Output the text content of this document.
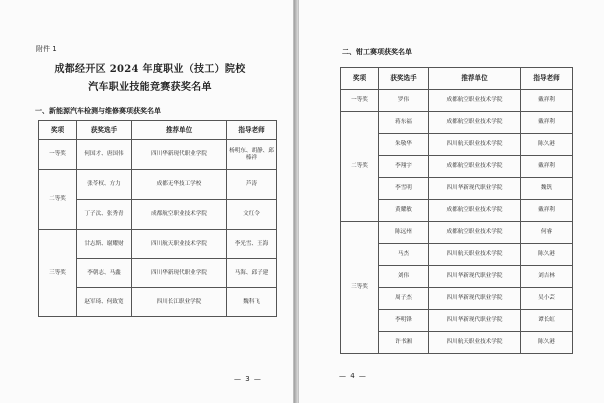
附件 1
成都经开区 2024 年度职业（技工）院校
汽车职业技能竞赛获奖名单
— 3 —
一、新能源汽车检测与维修赛项获奖名单
奖项	获奖选手	推荐单位	指导老师
一等奖	何国才、唐国伟	四川华新现代职业学院	杨明东、胡静、邱榛祥
二等奖	张苓权、方力	成都无华技工学校	芦涛
	丁子汰、张秀青	成都航空职业技术学院	文红令
三等奖	甘志斯、谢耀财	四川航天职业技术学院	李光雪、王海
	李朝志、马鑫	四川华新现代职业学院	马海、邱子建
	赵军琦、何致宽	四川长江职业学院	魏科飞
— 4 —
二、钳工赛项获奖名单
奖项	获奖选手	推荐单位	指导老师
一等奖	罗伟	成都航空职业技术学院	戴祥利
二等奖	蒋东福	成都航空职业技术学院	戴祥利
	朱敬华	四川航天职业技术学院	陈久港
	李翔宇	成都航空职业技术学院	戴祥利
	李雪明	四川华新现代职业学院	魏钒
	黄耀敏	成都航空职业技术学院	戴祥利
三等奖	陈远州	成都航空职业技术学院	何睿
	马杰	四川航天职业技术学院	陈久港
	刘伟	四川华新现代职业学院	刘吉林
	周子杰	四川华新现代职业学院	吴小芸
	李明锋	四川华新现代职业学院	谭长虹
	许书湘	四川航天职业技术学院	陈久港
